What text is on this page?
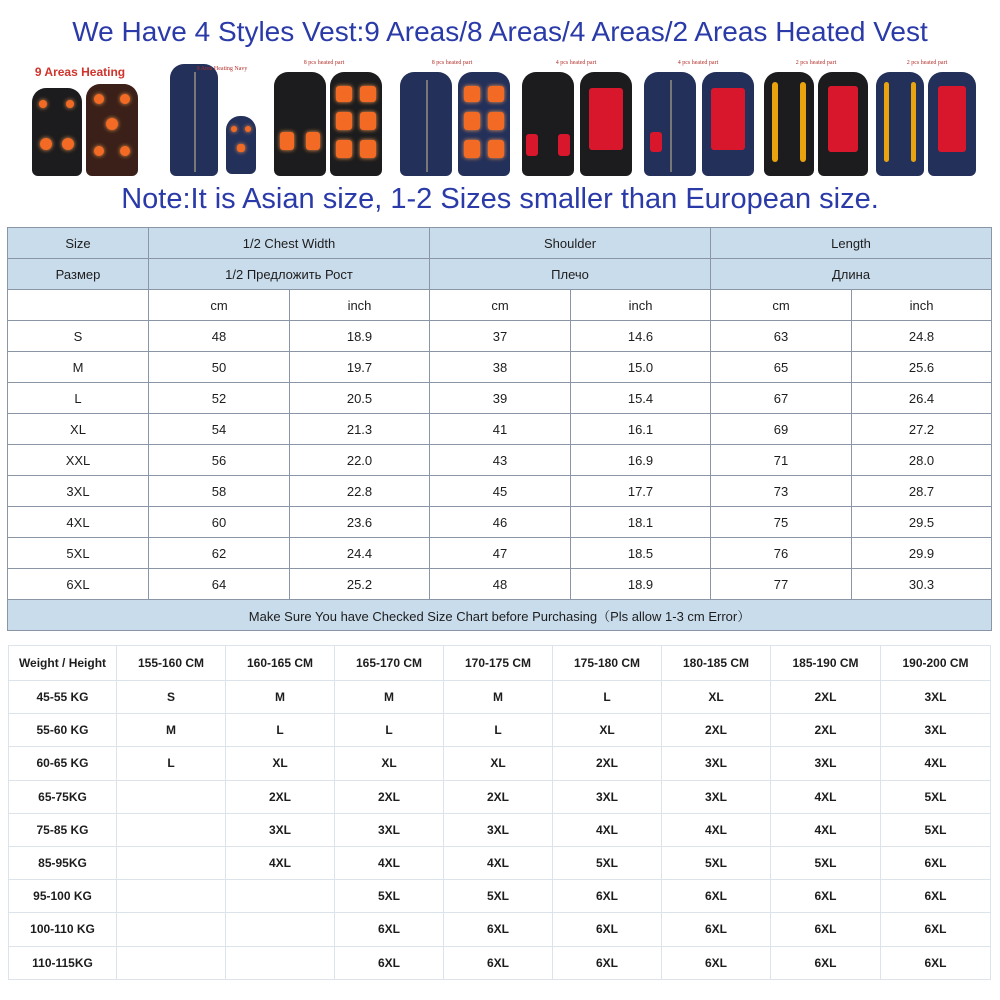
We Have 4 Styles Vest:9 Areas/8 Areas/4 Areas/2 Areas Heated Vest
9 Areas Heating	9 Area Heating Navy
8 pcs heated part	8 pcs heated part	4 pcs heated part	4 pcs heated part	2 pcs heated part	2 pcs heated part
Note:It is Asian size, 1-2 Sizes smaller than European size.
Size	1/2 Chest Width		Shoulder		Length	
Размер	1/2 Предложить Рост		Плечо		Длина	
	cm	inch	cm	inch	cm	inch
S	48	18.9	37	14.6	63	24.8
M	50	19.7	38	15.0	65	25.6
L	52	20.5	39	15.4	67	26.4
XL	54	21.3	41	16.1	69	27.2
XXL	56	22.0	43	16.9	71	28.0
3XL	58	22.8	45	17.7	73	28.7
4XL	60	23.6	46	18.1	75	29.5
5XL	62	24.4	47	18.5	76	29.9
6XL	64	25.2	48	18.9	77	30.3
Make Sure You have Checked Size Chart before Purchasing（Pls allow 1-3 cm Error）						
Weight / Height	155-160 CM	160-165 CM	165-170 CM	170-175 CM	175-180 CM	180-185 CM	185-190 CM	190-200 CM
45-55 KG	S	M	M	M	L	XL	2XL	3XL
55-60 KG	M	L	L	L	XL	2XL	2XL	3XL
60-65 KG	L	XL	XL	XL	2XL	3XL	3XL	4XL
65-75KG		2XL	2XL	2XL	3XL	3XL	4XL	5XL
75-85 KG		3XL	3XL	3XL	4XL	4XL	4XL	5XL
85-95KG		4XL	4XL	4XL	5XL	5XL	5XL	6XL
95-100 KG			5XL	5XL	6XL	6XL	6XL	6XL
100-110 KG			6XL	6XL	6XL	6XL	6XL	6XL
110-115KG			6XL	6XL	6XL	6XL	6XL	6XL
